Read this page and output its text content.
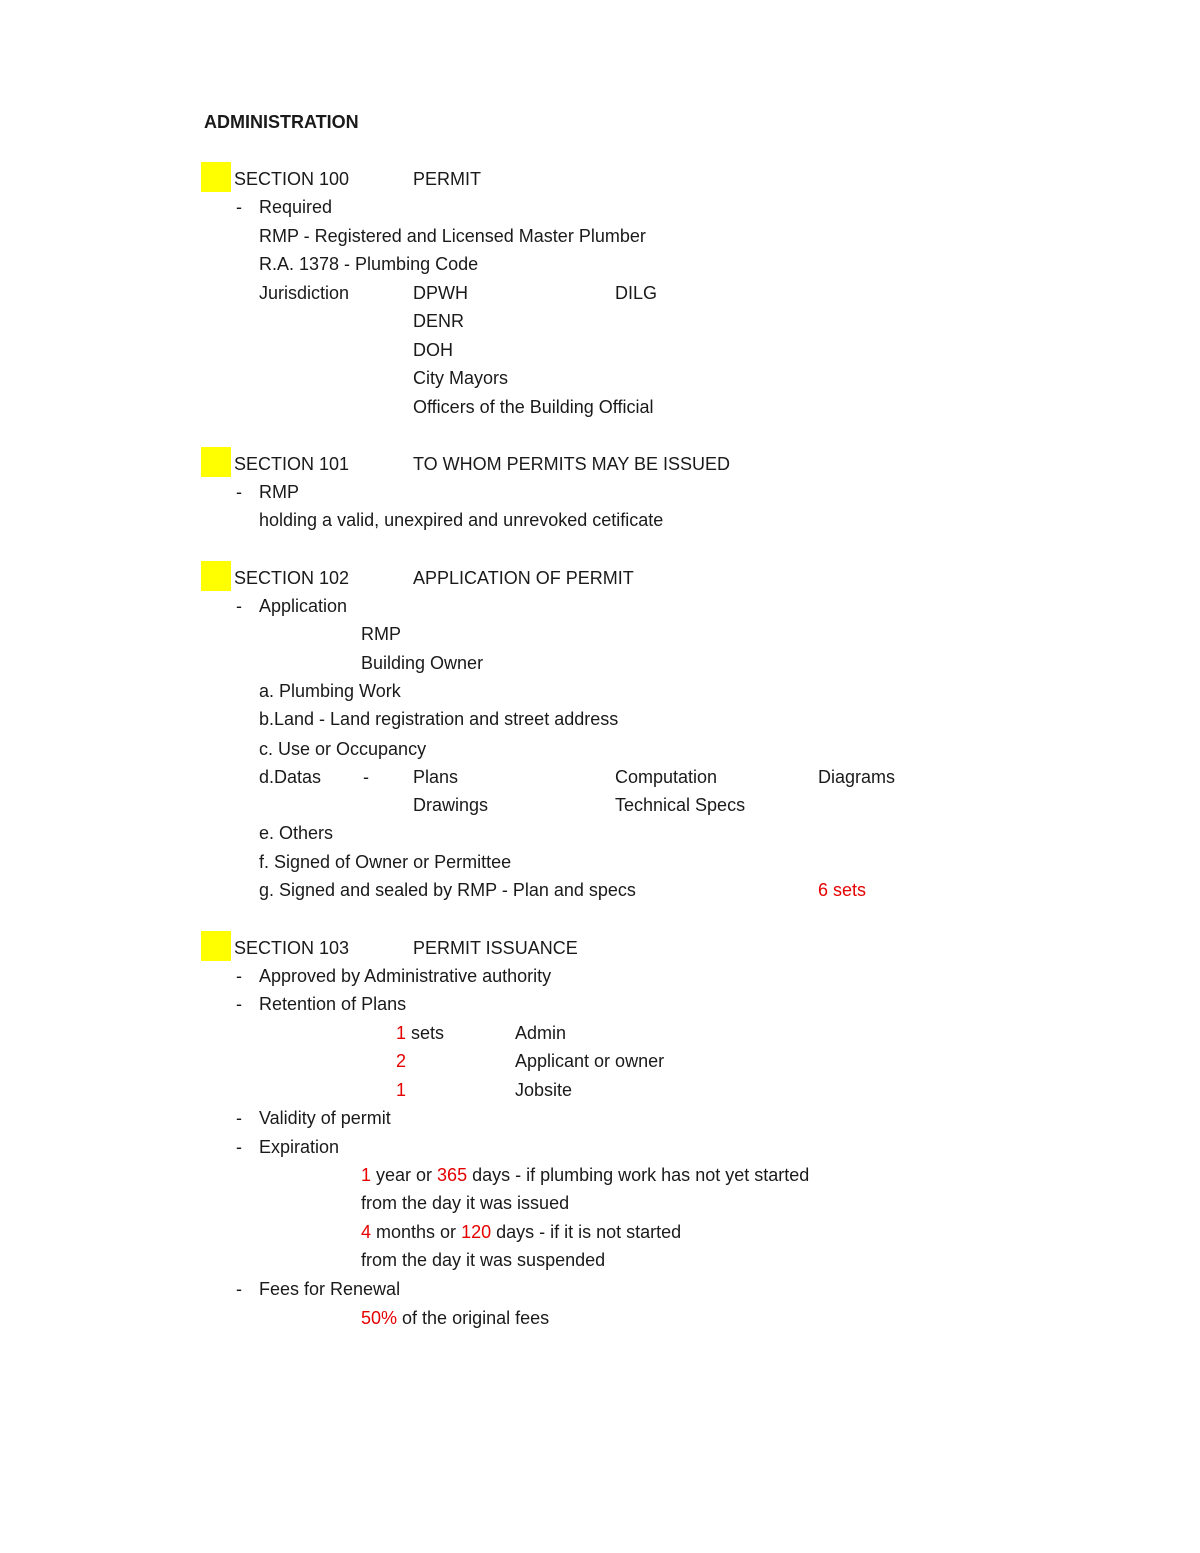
ADMINISTRATION
SECTION 100	PERMIT
- Required
RMP - Registered and Licensed Master Plumber
R.A. 1378 - Plumbing Code
Jurisdiction	DPWH	DILG
DENR
DOH
City Mayors
Officers of the Building Official
SECTION 101	TO WHOM PERMITS MAY BE ISSUED
- RMP
holding a valid, unexpired and unrevoked cetificate
SECTION 102	APPLICATION OF PERMIT
- Application
RMP
Building Owner
a. Plumbing Work
b.Land - Land registration and street address
c. Use or Occupancy
d.Datas - Plans	Computation	Diagrams
Drawings	Technical Specs
e. Others
f. Signed of Owner or Permittee
g. Signed and sealed by RMP - Plan and specs	6 sets
SECTION 103	PERMIT ISSUANCE
- Approved by Administrative authority
- Retention of Plans
1 sets	Admin
2	Applicant or owner
1	Jobsite
- Validity of permit
- Expiration
1 year or 365 days - if plumbing work has not yet started
from the day it was issued
4 months or 120 days - if it is not started
from the day it was suspended
- Fees for Renewal
50% of the original fees
